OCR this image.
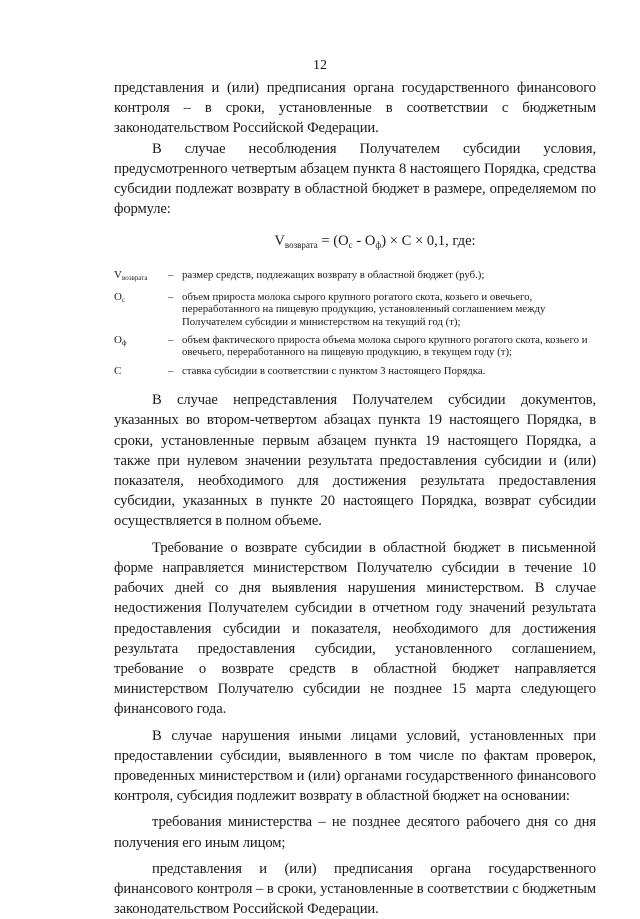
12

представления и (или) предписания органа государственного финансового контроля – в сроки, установленные в соответствии с бюджетным законодательством Российской Федерации.

В случае несоблюдения Получателем субсидии условия, предусмотренного четвертым абзацем пункта 8 настоящего Порядка, средства субсидии подлежат возврату в областной бюджет в размере, определяемом по формуле:

$V_{возврата} = (O_с - O_ф) \times C \times 0,1$, где:
$V_{возврата}$	– размер средств, подлежащих возврату в областной бюджет (руб.);
$O_с$	– объем прироста молока сырого крупного рогатого скота, козьего и овечьего, переработанного на пищевую продукцию, установленный соглашением между Получателем субсидии и министерством на текущий год (т);
$O_ф$	– объем фактического прироста объема молока сырого крупного рогатого скота, козьего и овечьего, переработанного на пищевую продукцию, в текущем году (т);
C	– ставка субсидии в соответствии с пунктом 3 настоящего Порядка.

В случае непредставления Получателем субсидии документов, указанных во втором-четвертом абзацах пункта 19 настоящего Порядка, в сроки, установленные первым абзацем пункта 19 настоящего Порядка, а также при нулевом значении результата предоставления субсидии и (или) показателя, необходимого для достижения результата предоставления субсидии, указанных в пункте 20 настоящего Порядка, возврат субсидии осуществляется в полном объеме.

Требование о возврате субсидии в областной бюджет в письменной форме направляется министерством Получателю субсидии в течение 10 рабочих дней со дня выявления нарушения министерством. В случае недостижения Получателем субсидии в отчетном году значений результата предоставления субсидии и показателя, необходимого для достижения результата предоставления субсидии, установленного соглашением, требование о возврате средств в областной бюджет направляется министерством Получателю субсидии не позднее 15 марта следующего финансового года.

В случае нарушения иными лицами условий, установленных при предоставлении субсидии, выявленного в том числе по фактам проверок, проведенных министерством и (или) органами государственного финансового контроля, субсидия подлежит возврату в областной бюджет на основании:

требования министерства – не позднее десятого рабочего дня со дня получения его иным лицом;

представления и (или) предписания органа государственного финансового контроля – в сроки, установленные в соответствии с бюджетным законодательством Российской Федерации.
